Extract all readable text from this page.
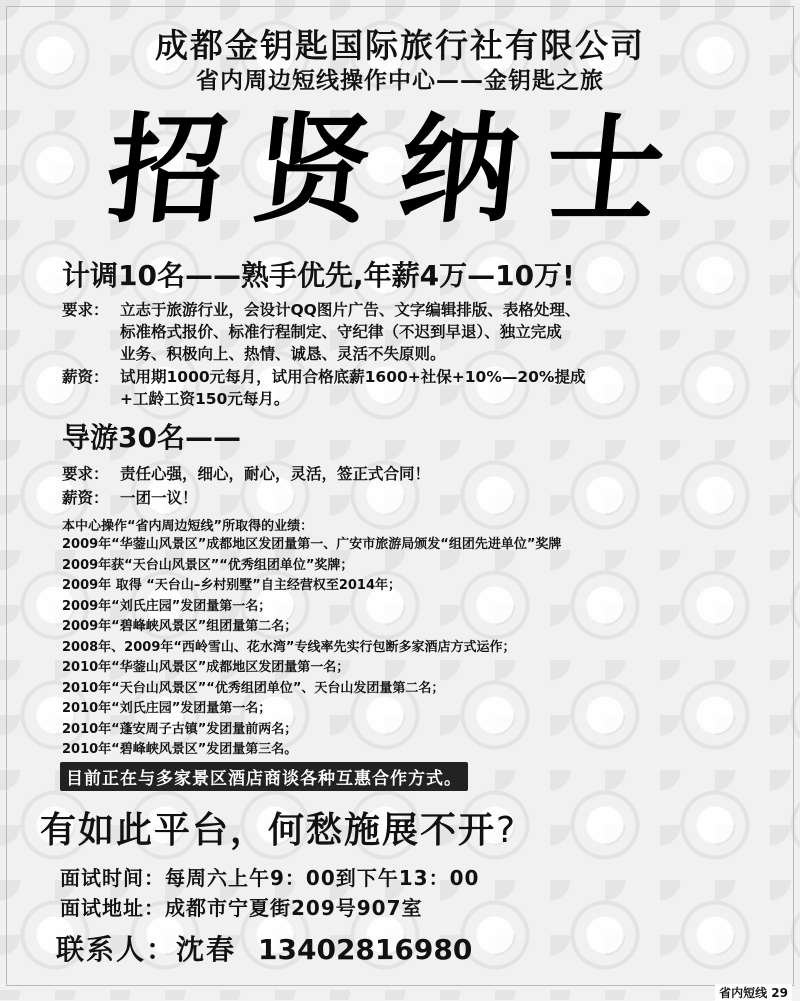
成都金钥匙国际旅行社有限公司
省内周边短线操作中心——金钥匙之旅
招贤纳士
计调10名——熟手优先,年薪4万—10万!
要求： 立志于旅游行业，会设计QQ图片广告、文字编辑排版、表格处理、
标准格式报价、标准行程制定、守纪律（不迟到早退）、独立完成
业务、积极向上、热情、诚恳、灵活不失原则。
薪资： 试用期1000元每月，试用合格底薪1600+社保+10%—20%提成
+工龄工资150元每月。
导游30名——
要求： 责任心强，细心，耐心，灵活，签正式合同！
薪资： 一团一议！
本中心操作“省内周边短线”所取得的业绩：
2009年“华蓥山风景区”成都地区发团量第一、广安市旅游局颁发“组团先进单位”奖牌
2009年获“天台山风景区”“优秀组团单位”奖牌；
2009年 取得 “天台山–乡村别墅”自主经营权至2014年；
2009年“刘氏庄园”发团量第一名；
2009年“碧峰峡风景区”组团量第二名；
2008年、2009年“西岭雪山、花水湾”专线率先实行包断多家酒店方式运作；
2010年“华蓥山风景区”成都地区发团量第一名；
2010年“天台山风景区”“优秀组团单位”、天台山发团量第二名；
2010年“刘氏庄园”发团量第一名；
2010年“蓬安周子古镇”发团量前两名；
2010年“碧峰峡风景区”发团量第三名。
目前正在与多家景区酒店商谈各种互惠合作方式。
有如此平台，何愁施展不开?
面试时间：每周六上午9：00到下午13：00
面试地址：成都市宁夏街209号907室
联系人：沈春 13402816980
省内短线 29
